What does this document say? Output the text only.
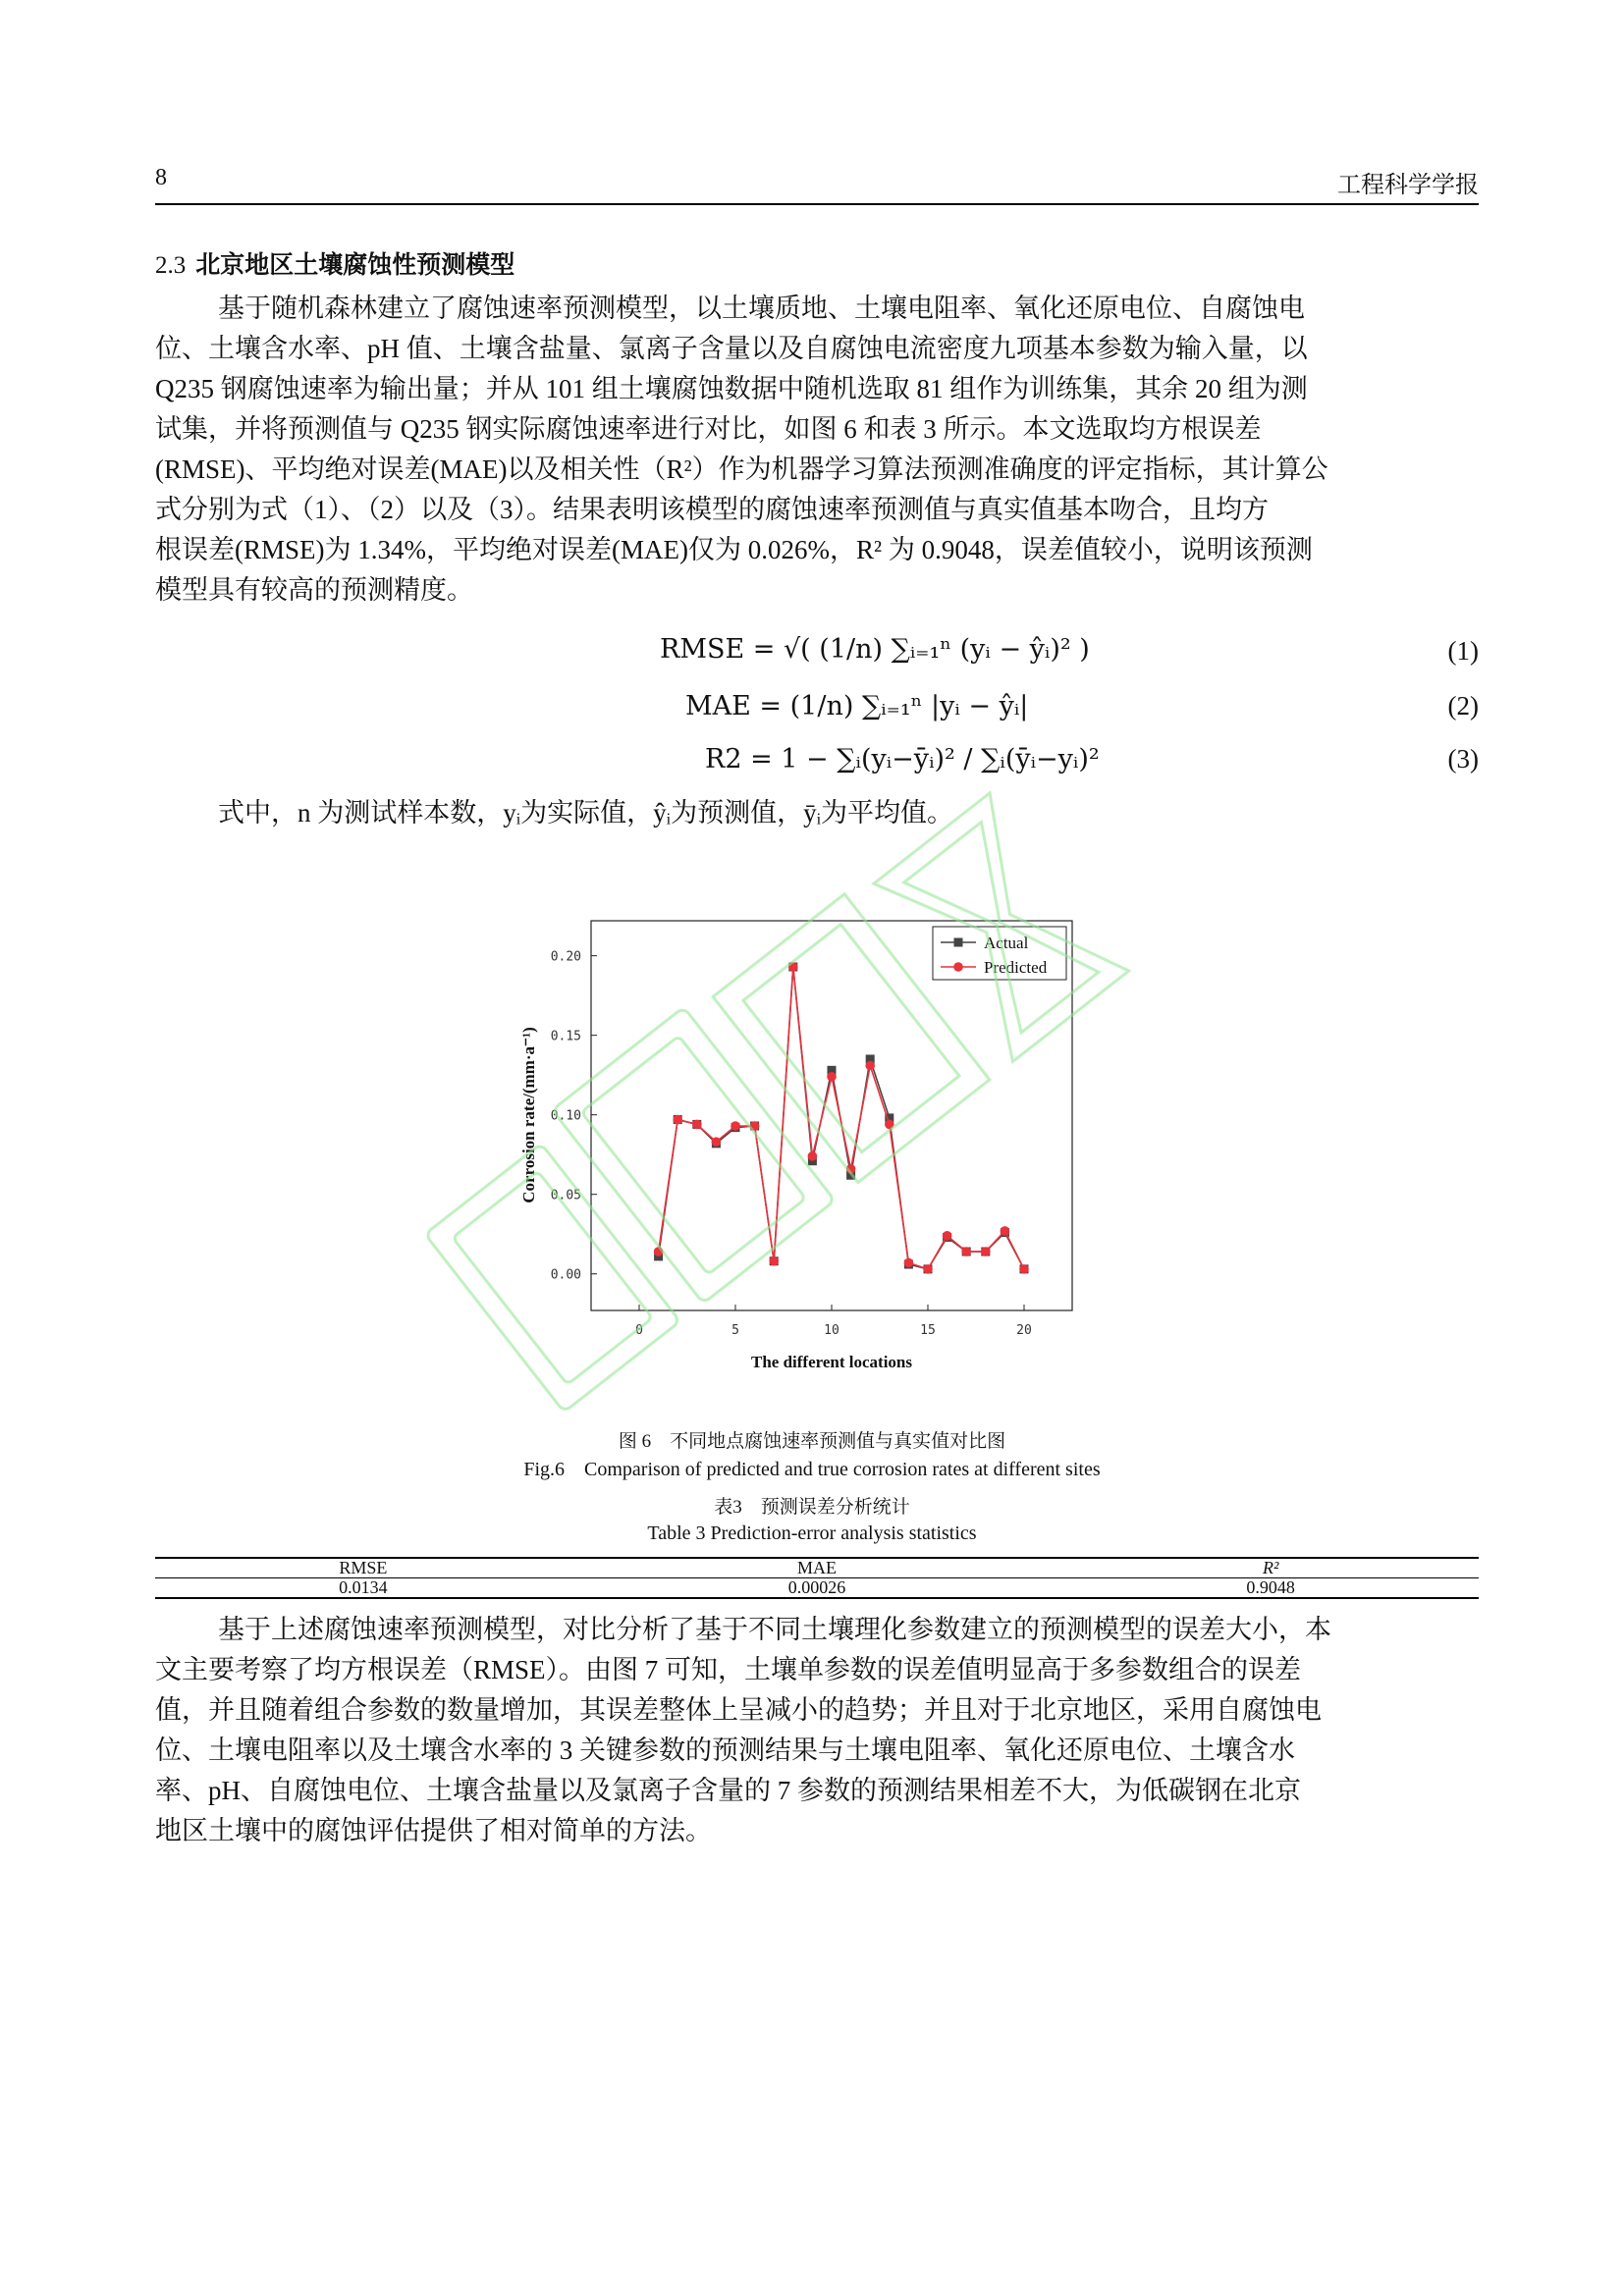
8	工程科学学报
2.3 北京地区土壤腐蚀性预测模型
基于随机森林建立了腐蚀速率预测模型，以土壤质地、土壤电阻率、氧化还原电位、自腐蚀电
位、土壤含水率、pH 值、土壤含盐量、氯离子含量以及自腐蚀电流密度九项基本参数为输入量，以
Q235 钢腐蚀速率为输出量；并从 101 组土壤腐蚀数据中随机选取 81 组作为训练集，其余 20 组为测
试集，并将预测值与 Q235 钢实际腐蚀速率进行对比，如图 6 和表 3 所示。本文选取均方根误差
(RMSE)、平均绝对误差(MAE)以及相关性（R²）作为机器学习算法预测准确度的评定指标，其计算公
式分别为式（1）、（2）以及（3）。结果表明该模型的腐蚀速率预测值与真实值基本吻合，且均方
根误差(RMSE)为 1.34%，平均绝对误差(MAE)仅为 0.026%，R² 为 0.9048，误差值较小，说明该预测
模型具有较高的预测精度。
RMSE = √( (1/n) ∑ᵢ₌₁ⁿ (yᵢ − ŷᵢ)² )	(1)
MAE = (1/n) ∑ᵢ₌₁ⁿ |yᵢ − ŷᵢ|	(2)
R2 = 1 − ∑ᵢ(yᵢ−ȳᵢ)² / ∑ᵢ(ȳᵢ−yᵢ)²	(3)
式中，n 为测试样本数，yᵢ为实际值，ŷᵢ为预测值，ȳᵢ为平均值。
0.00
0.05
0.10
0.15
0.20
0	5	10	15	20
Actual
Predicted
The different locations
Corrosion rate/(mm·a⁻¹)
图 6　不同地点腐蚀速率预测值与真实值对比图
Fig.6　Comparison of predicted and true corrosion rates at different sites
表3　预测误差分析统计
Table 3 Prediction-error analysis statistics
RMSE	MAE	R²
0.0134	0.00026	0.9048
基于上述腐蚀速率预测模型，对比分析了基于不同土壤理化参数建立的预测模型的误差大小，本
文主要考察了均方根误差（RMSE）。由图 7 可知，土壤单参数的误差值明显高于多参数组合的误差
值，并且随着组合参数的数量增加，其误差整体上呈减小的趋势；并且对于北京地区，采用自腐蚀电
位、土壤电阻率以及土壤含水率的 3 关键参数的预测结果与土壤电阻率、氧化还原电位、土壤含水
率、pH、自腐蚀电位、土壤含盐量以及氯离子含量的 7 参数的预测结果相差不大，为低碳钢在北京
地区土壤中的腐蚀评估提供了相对简单的方法。
